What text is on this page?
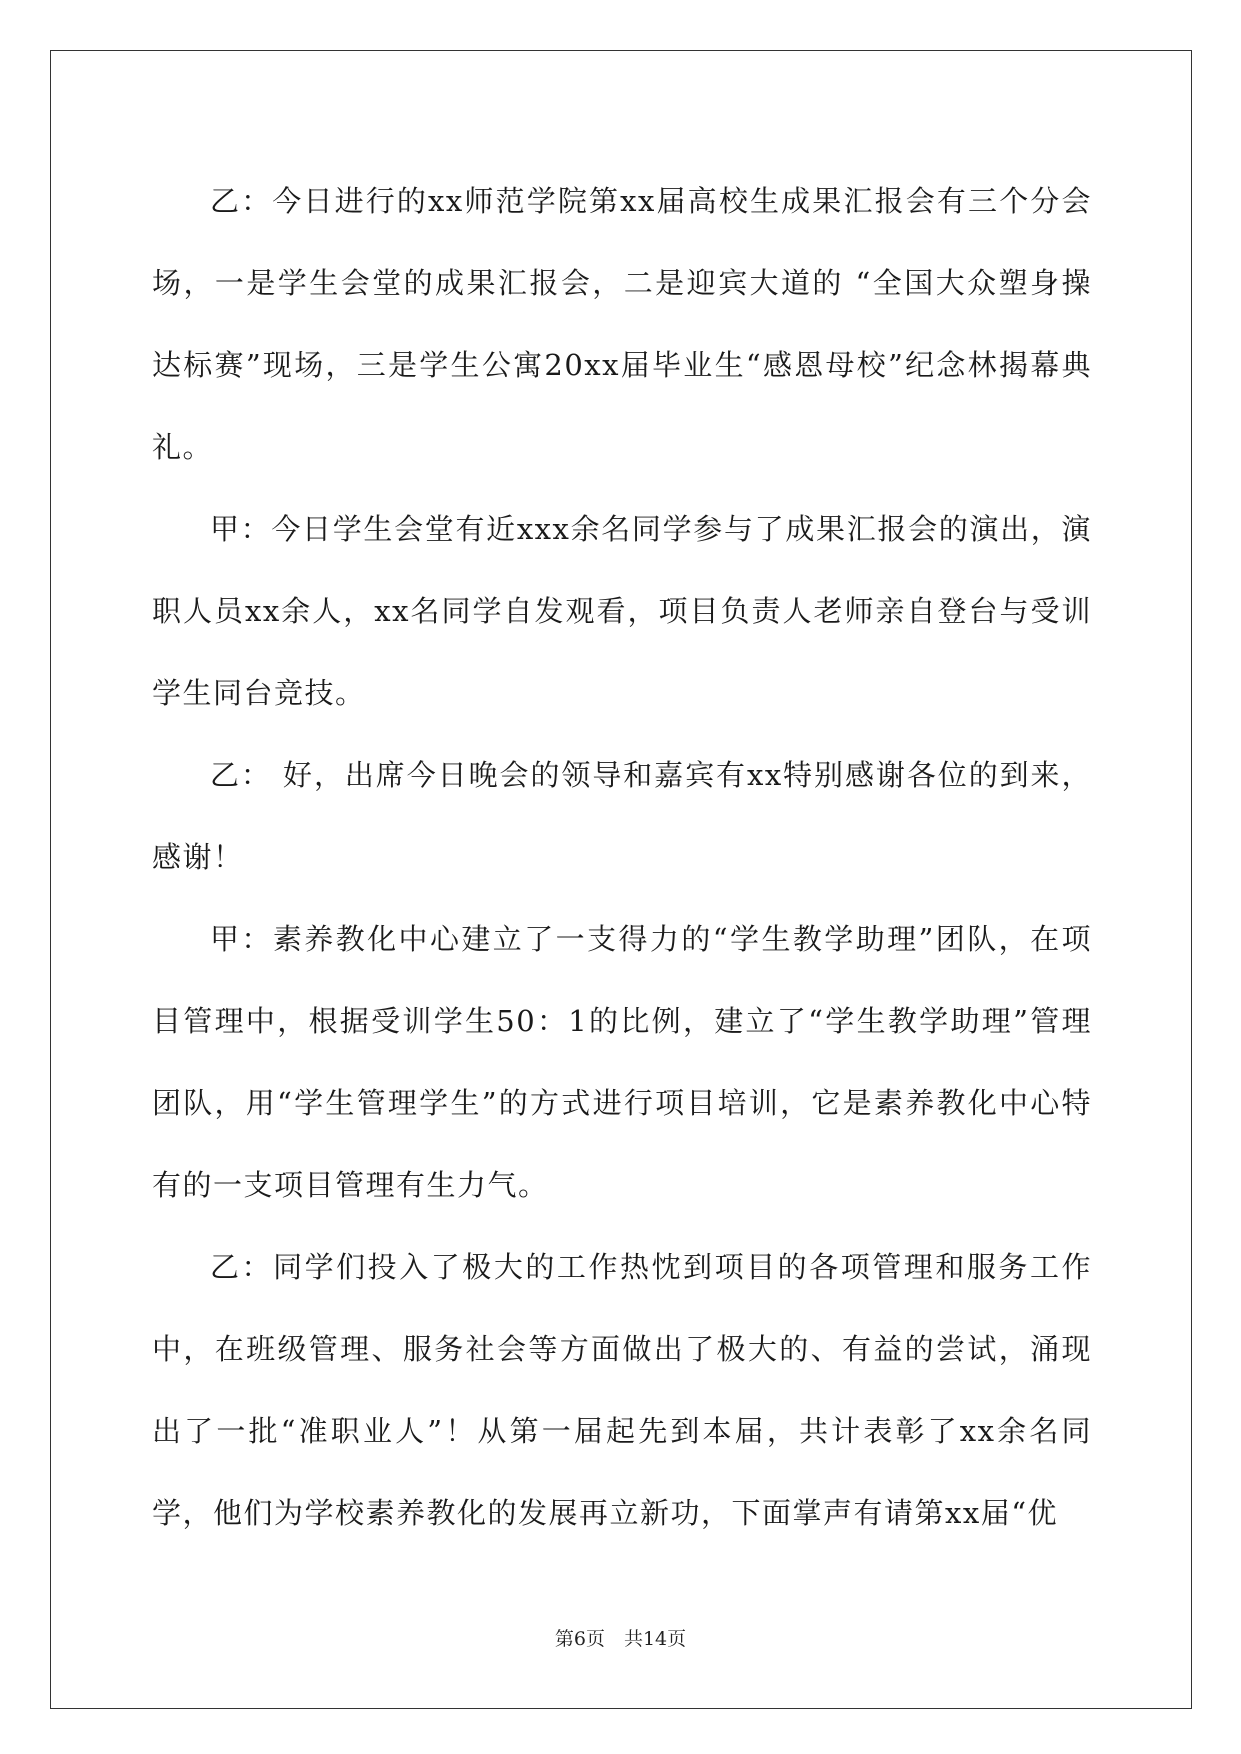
乙：今日进行的xx师范学院第xx届高校生成果汇报会有三个分会场，一是学生会堂的成果汇报会，二是迎宾大道的 “全国大众塑身操达标赛”现场，三是学生公寓20xx届毕业生“感恩母校”纪念林揭幕典礼。

甲：今日学生会堂有近xxx余名同学参与了成果汇报会的演出，演职人员xx余人，xx名同学自发观看，项目负责人老师亲自登台与受训学生同台竞技。

乙： 好，出席今日晚会的领导和嘉宾有xx特别感谢各位的到来，感谢！

甲：素养教化中心建立了一支得力的“学生教学助理”团队，在项目管理中，根据受训学生50：1的比例，建立了“学生教学助理”管理团队，用“学生管理学生”的方式进行项目培训，它是素养教化中心特有的一支项目管理有生力气。

乙：同学们投入了极大的工作热忱到项目的各项管理和服务工作中，在班级管理、服务社会等方面做出了极大的、有益的尝试，涌现出了一批“准职业人”！从第一届起先到本届，共计表彰了xx余名同学，他们为学校素养教化的发展再立新功，下面掌声有请第xx届“优

第6页　共14页
